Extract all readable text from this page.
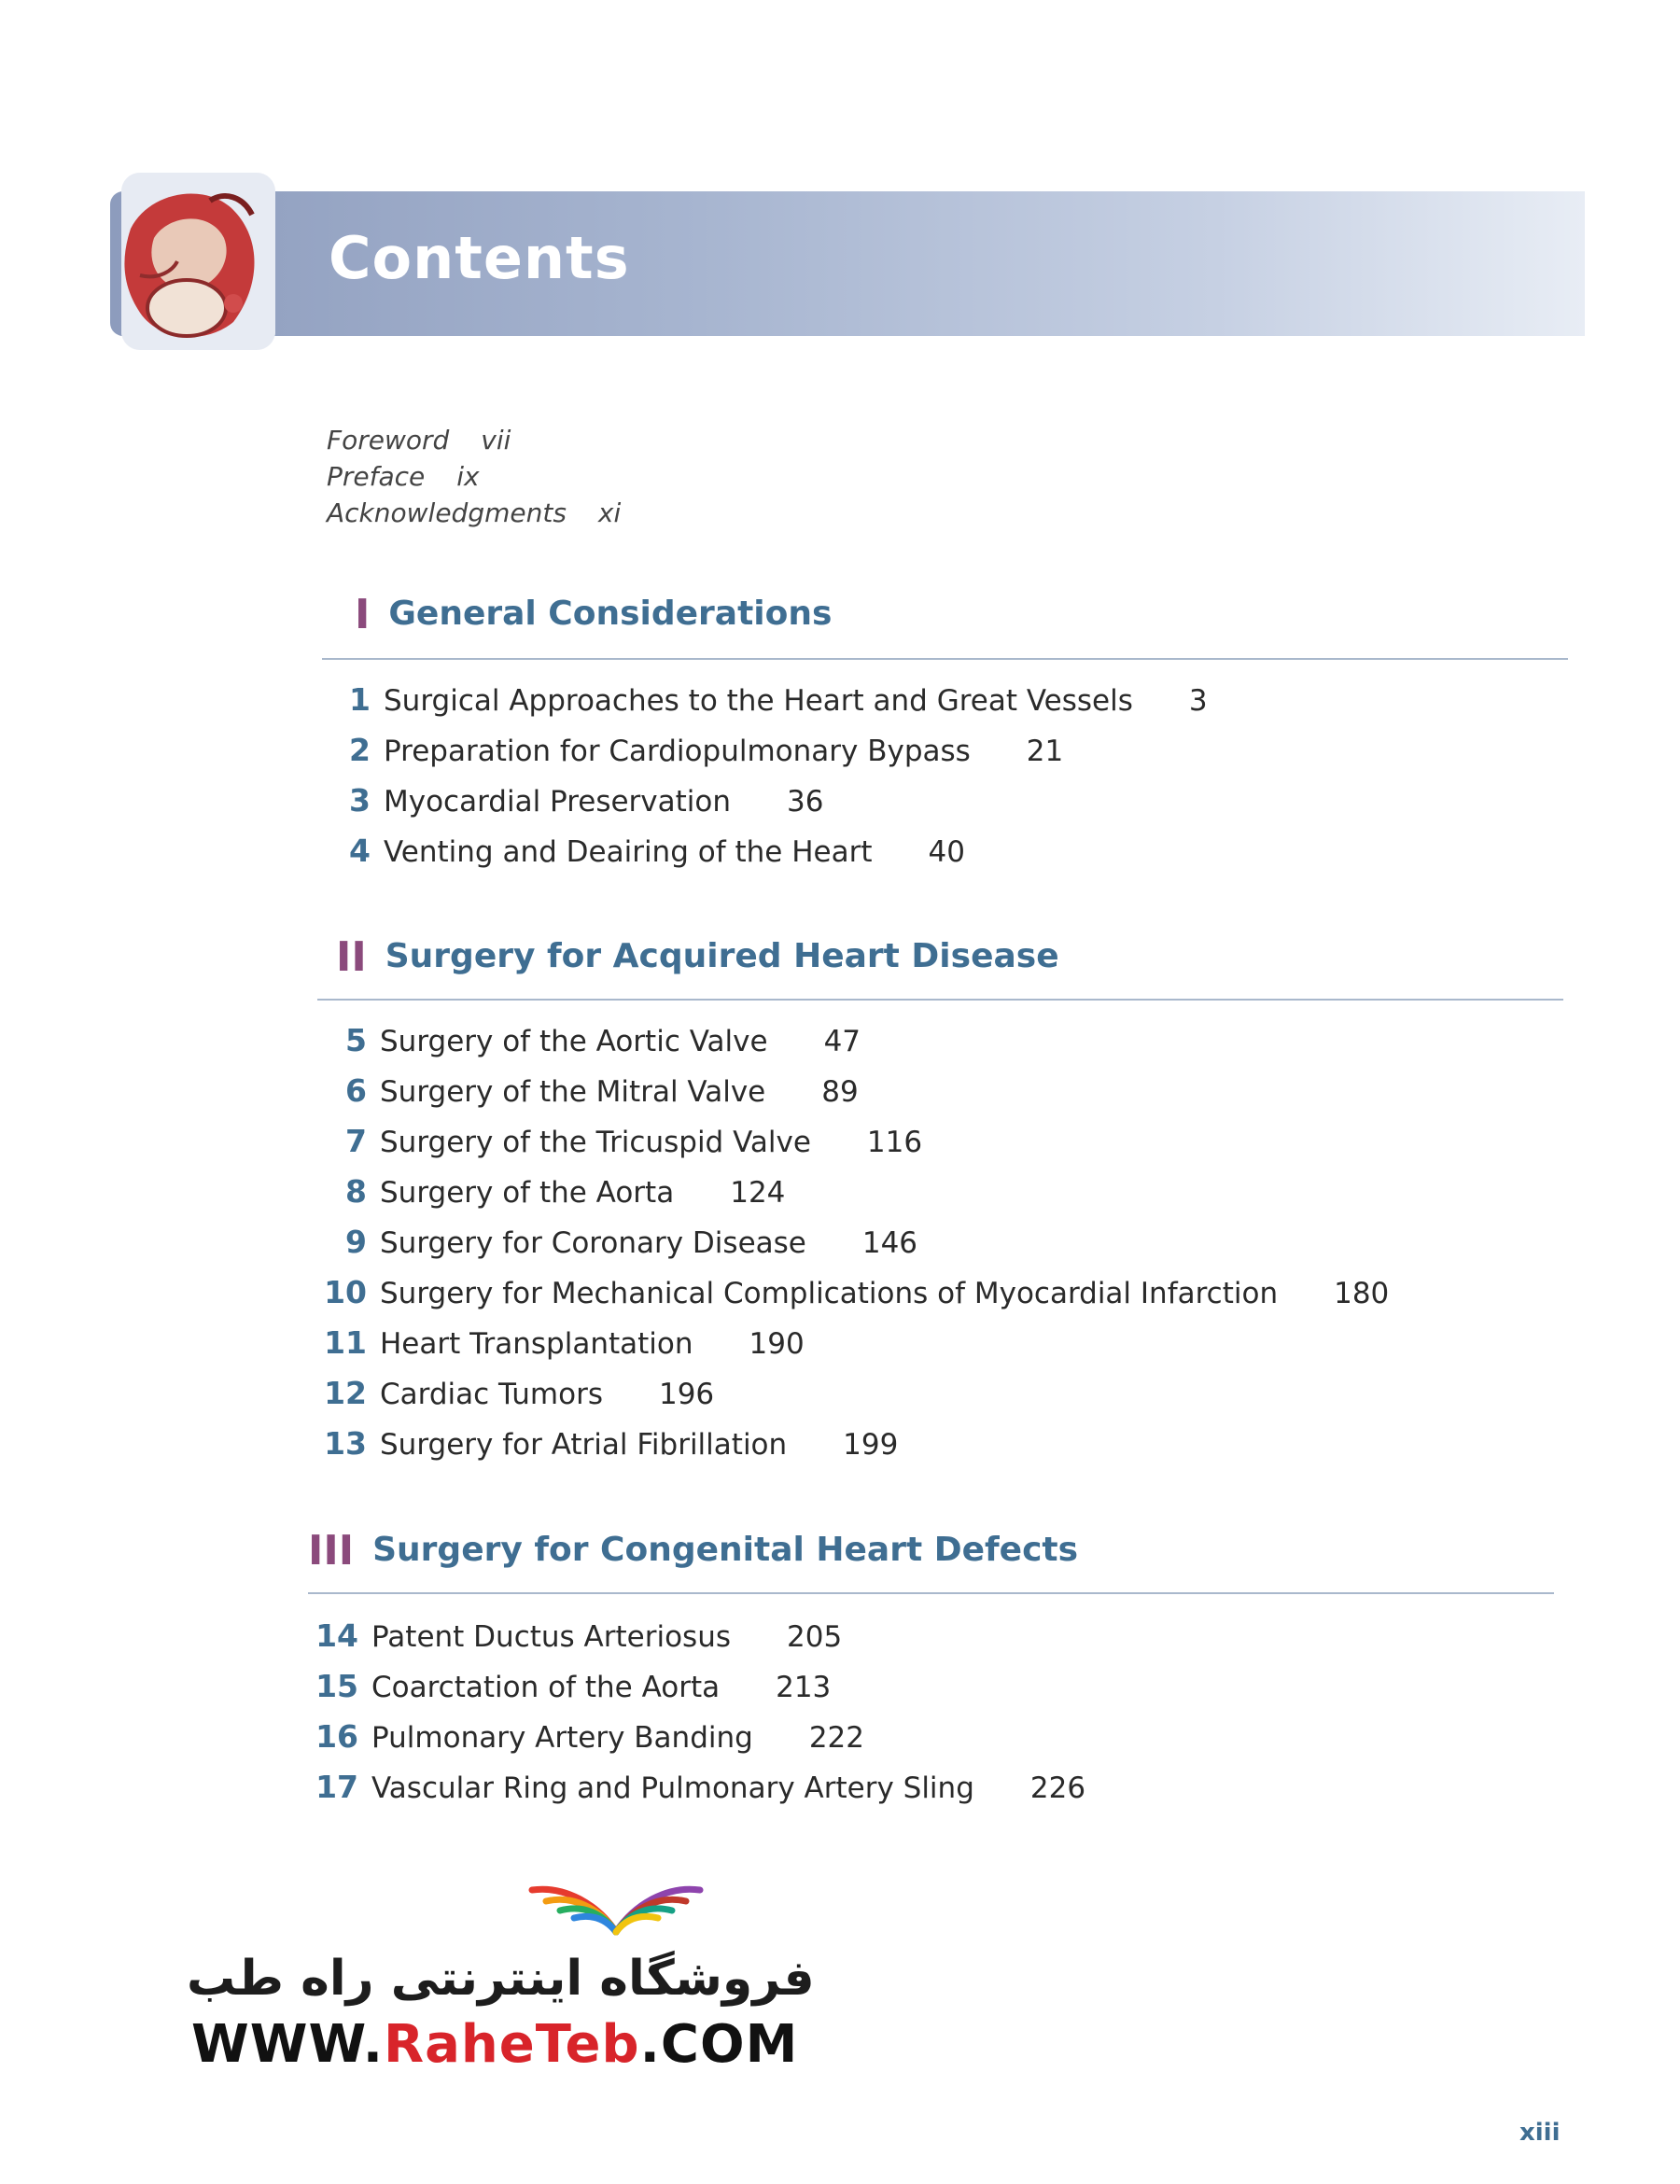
Contents
Foreword vii
Preface ix
Acknowledgments xi
I General Considerations
1 Surgical Approaches to the Heart and Great Vessels 3
2 Preparation for Cardiopulmonary Bypass 21
3 Myocardial Preservation 36
4 Venting and Deairing of the Heart 40
II Surgery for Acquired Heart Disease
5 Surgery of the Aortic Valve 47
6 Surgery of the Mitral Valve 89
7 Surgery of the Tricuspid Valve 116
8 Surgery of the Aorta 124
9 Surgery for Coronary Disease 146
10 Surgery for Mechanical Complications of Myocardial Infarction 180
11 Heart Transplantation 190
12 Cardiac Tumors 196
13 Surgery for Atrial Fibrillation 199
III Surgery for Congenital Heart Defects
14 Patent Ductus Arteriosus 205
15 Coarctation of the Aorta 213
16 Pulmonary Artery Banding 222
17 Vascular Ring and Pulmonary Artery Sling 226
فروشگاه اینترنتی راه طب
WWW.RaheTeb.COM
xiii
